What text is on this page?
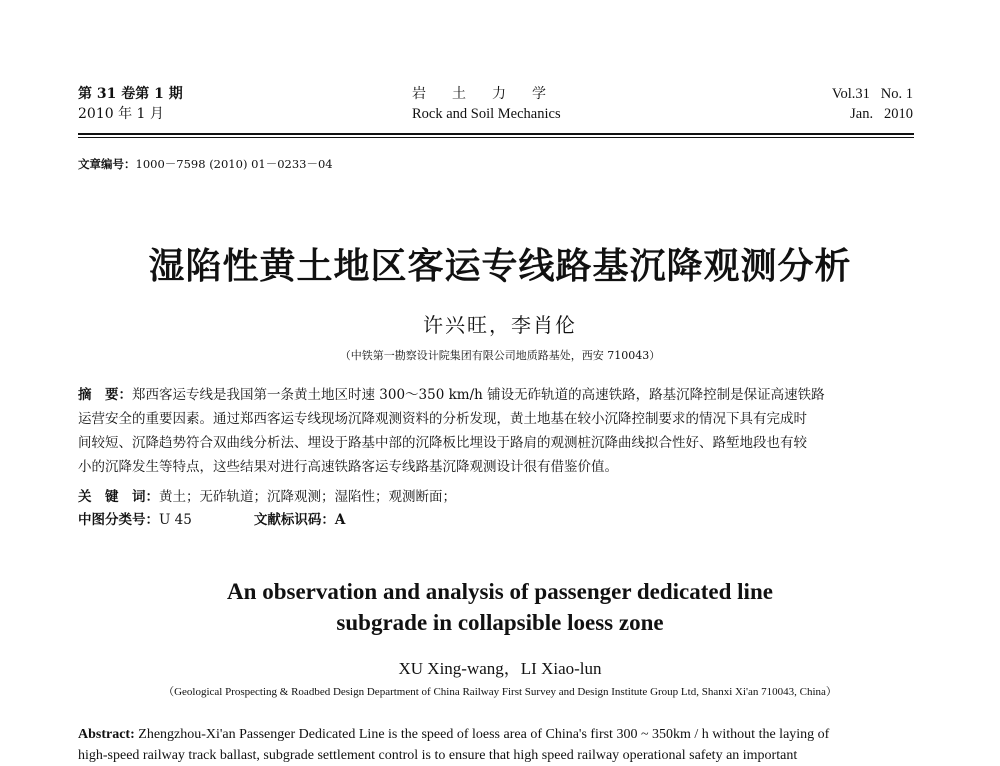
第 31 卷第 1 期
2010 年 1 月
岩土力学
Rock and Soil Mechanics
Vol.31   No. 1
Jan.   2010
文章编号：1000－7598 (2010) 01－0233－04
湿陷性黄土地区客运专线路基沉降观测分析
许兴旺，李肖伦
（中铁第一勘察设计院集团有限公司地质路基处，西安 710043）

摘　要：郑西客运专线是我国第一条黄土地区时速 300～350 km/h 铺设无砟轨道的高速铁路，路基沉降控制是保证高速铁路

运营安全的重要因素。通过郑西客运专线现场沉降观测资料的分析发现，黄土地基在较小沉降控制要求的情况下具有完成时

间较短、沉降趋势符合双曲线分析法、埋设于路基中部的沉降板比埋设于路肩的观测桩沉降曲线拟合性好、路堑地段也有较

小的沉降发生等特点，这些结果对进行高速铁路客运专线路基沉降观测设计很有借鉴价值。

关　键　词：黄土；无砟轨道；沉降观测；湿陷性；观测断面；

中图分类号：U 45	文献标识码：A

An observation and analysis of passenger dedicated line
subgrade in collapsible loess zone
XU Xing-wang，LI Xiao-lun
（Geological Prospecting & Roadbed Design Department of China Railway First Survey and Design Institute Group Ltd, Shanxi Xi'an 710043, China）

Abstract: Zhengzhou-Xi'an Passenger Dedicated Line is the speed of loess area of China's first 300 ~ 350km / h without the laying of

high-speed railway track ballast, subgrade settlement control is to ensure that high speed railway operational safety an important
